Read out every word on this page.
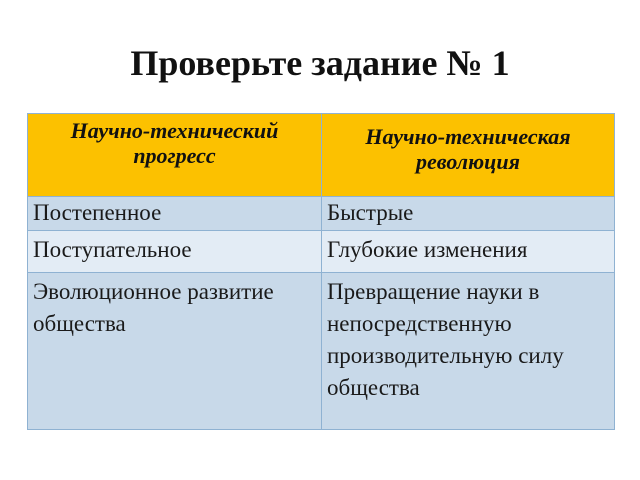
Проверьте задание № 1
Научно-технический прогресс	Научно-техническая революция
Постепенное	Быстрые
Поступательное	Глубокие изменения
Эволюционное развитие общества	Превращение науки в непосредственную производительную силу общества
